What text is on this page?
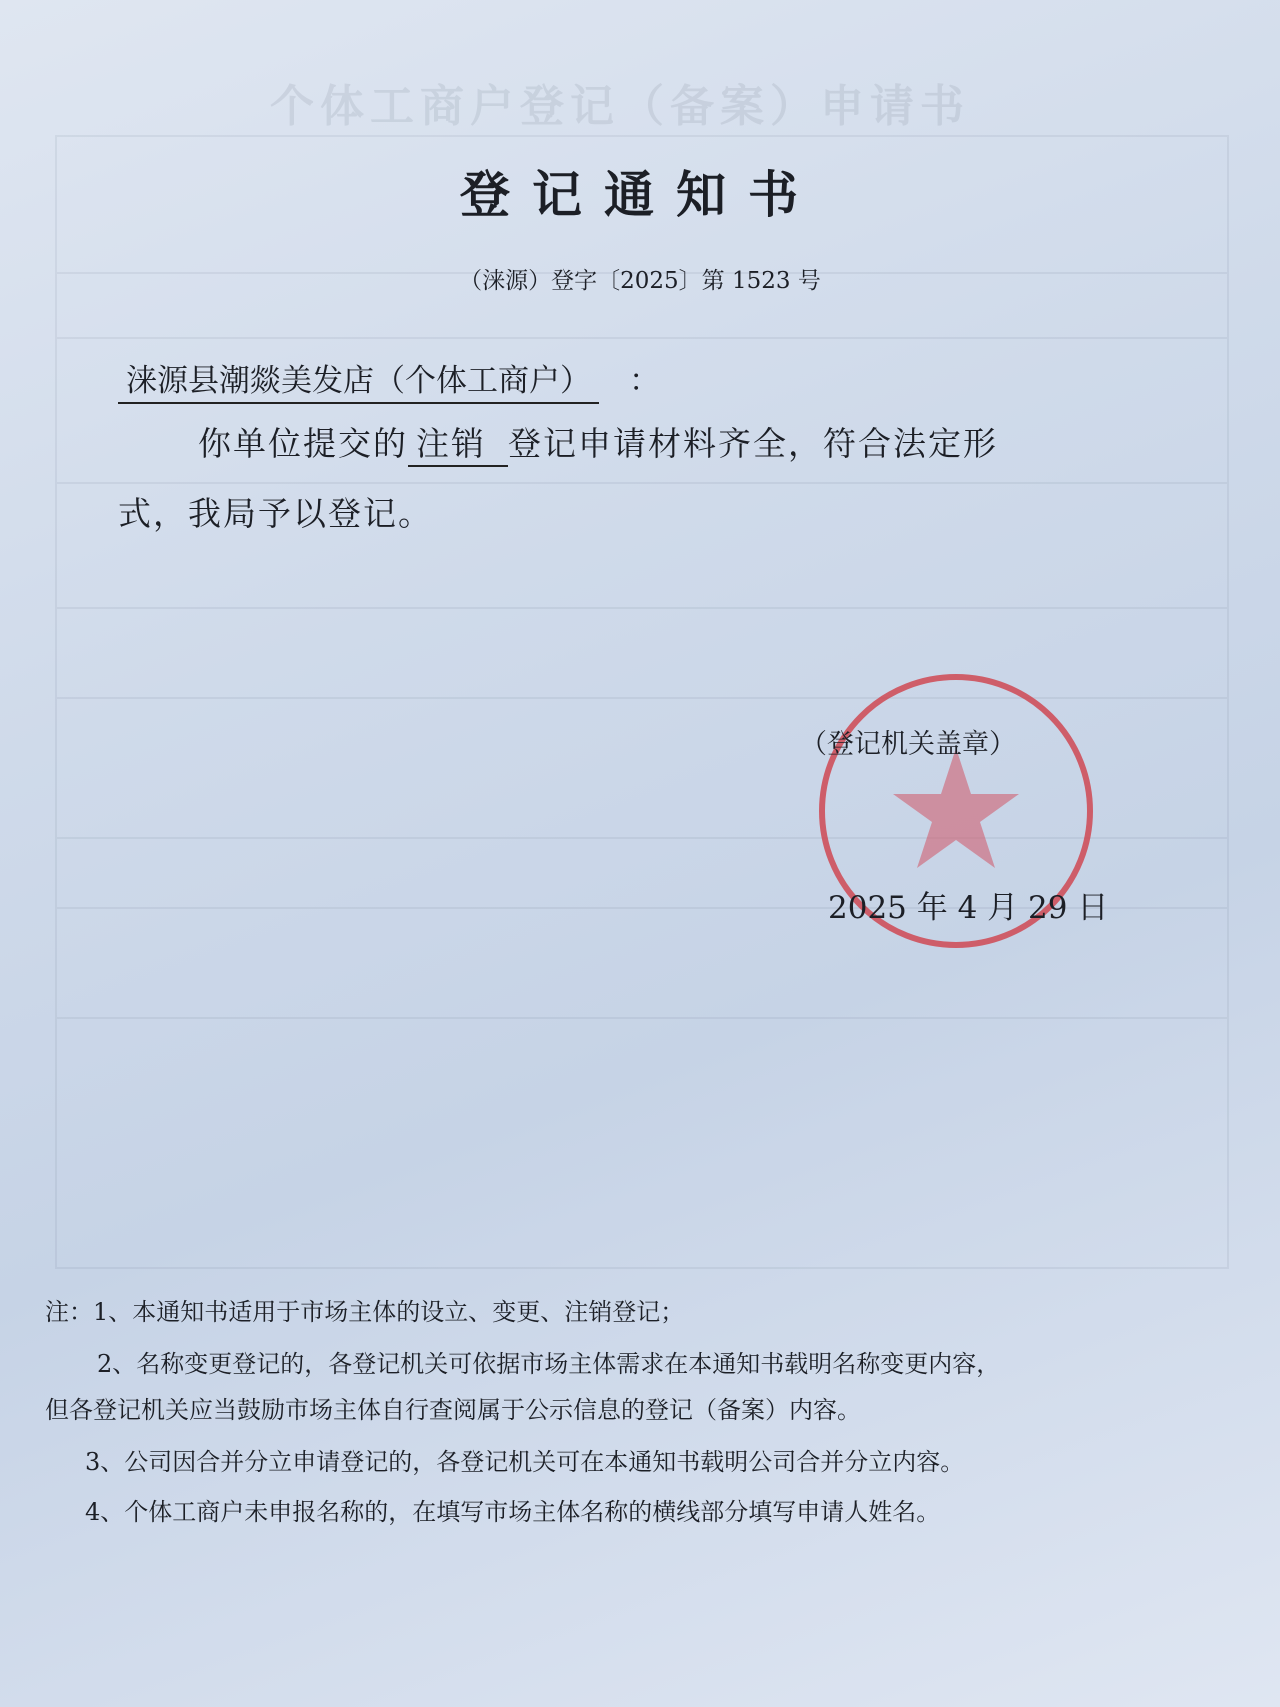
个体工商户登记（备案）申请书
登记通知书
（涞源）登字〔2025〕第 1523 号
涞源县潮燚美发店（个体工商户） ：
你单位提交的 注销 登记申请材料齐全，符合法定形
式，我局予以登记。
（登记机关盖章）
2025 年 4 月 29 日
注：1、本通知书适用于市场主体的设立、变更、注销登记；
2、名称变更登记的，各登记机关可依据市场主体需求在本通知书载明名称变更内容，
但各登记机关应当鼓励市场主体自行查阅属于公示信息的登记（备案）内容。
3、公司因合并分立申请登记的，各登记机关可在本通知书载明公司合并分立内容。
4、个体工商户未申报名称的，在填写市场主体名称的横线部分填写申请人姓名。
